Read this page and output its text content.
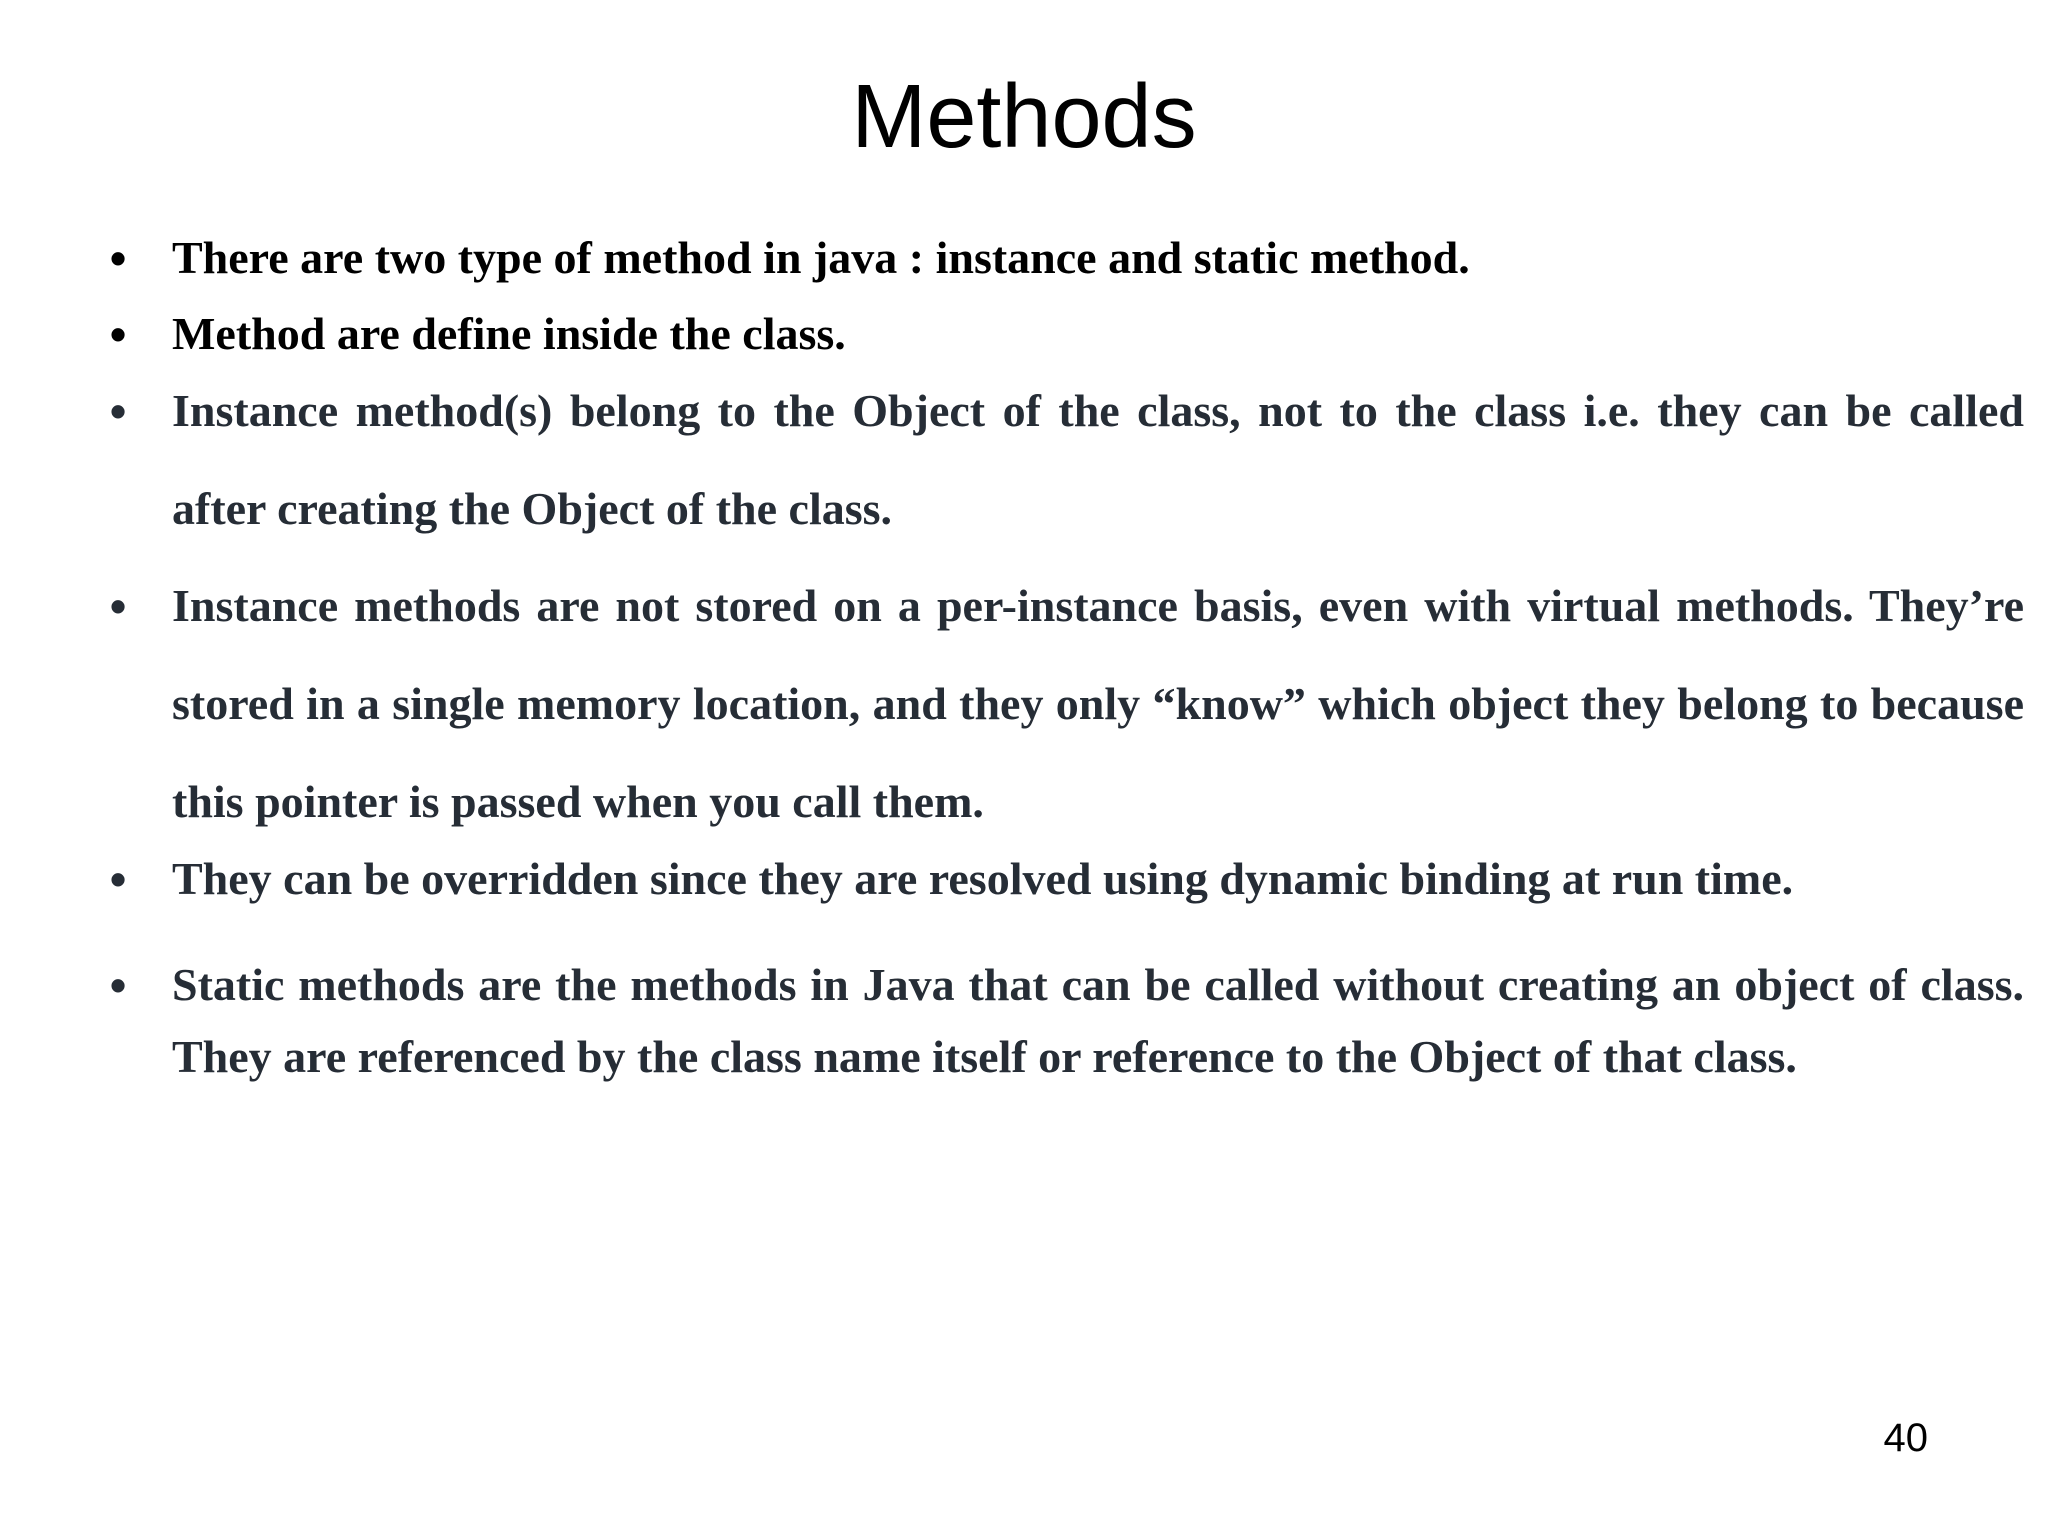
Methods
• There are two type of method in java : instance and static method.
• Method are define inside the class.
• Instance method(s) belong to the Object of the class, not to the class i.e. they can be called after creating the Object of the class.
• Instance methods are not stored on a per-instance basis, even with virtual methods. They’re stored in a single memory location, and they only “know” which object they belong to because this pointer is passed when you call them.
• They can be overridden since they are resolved using dynamic binding at run time.
• Static methods are the methods in Java that can be called without creating an object of class. They are referenced by the class name itself or reference to the Object of that class.
40
